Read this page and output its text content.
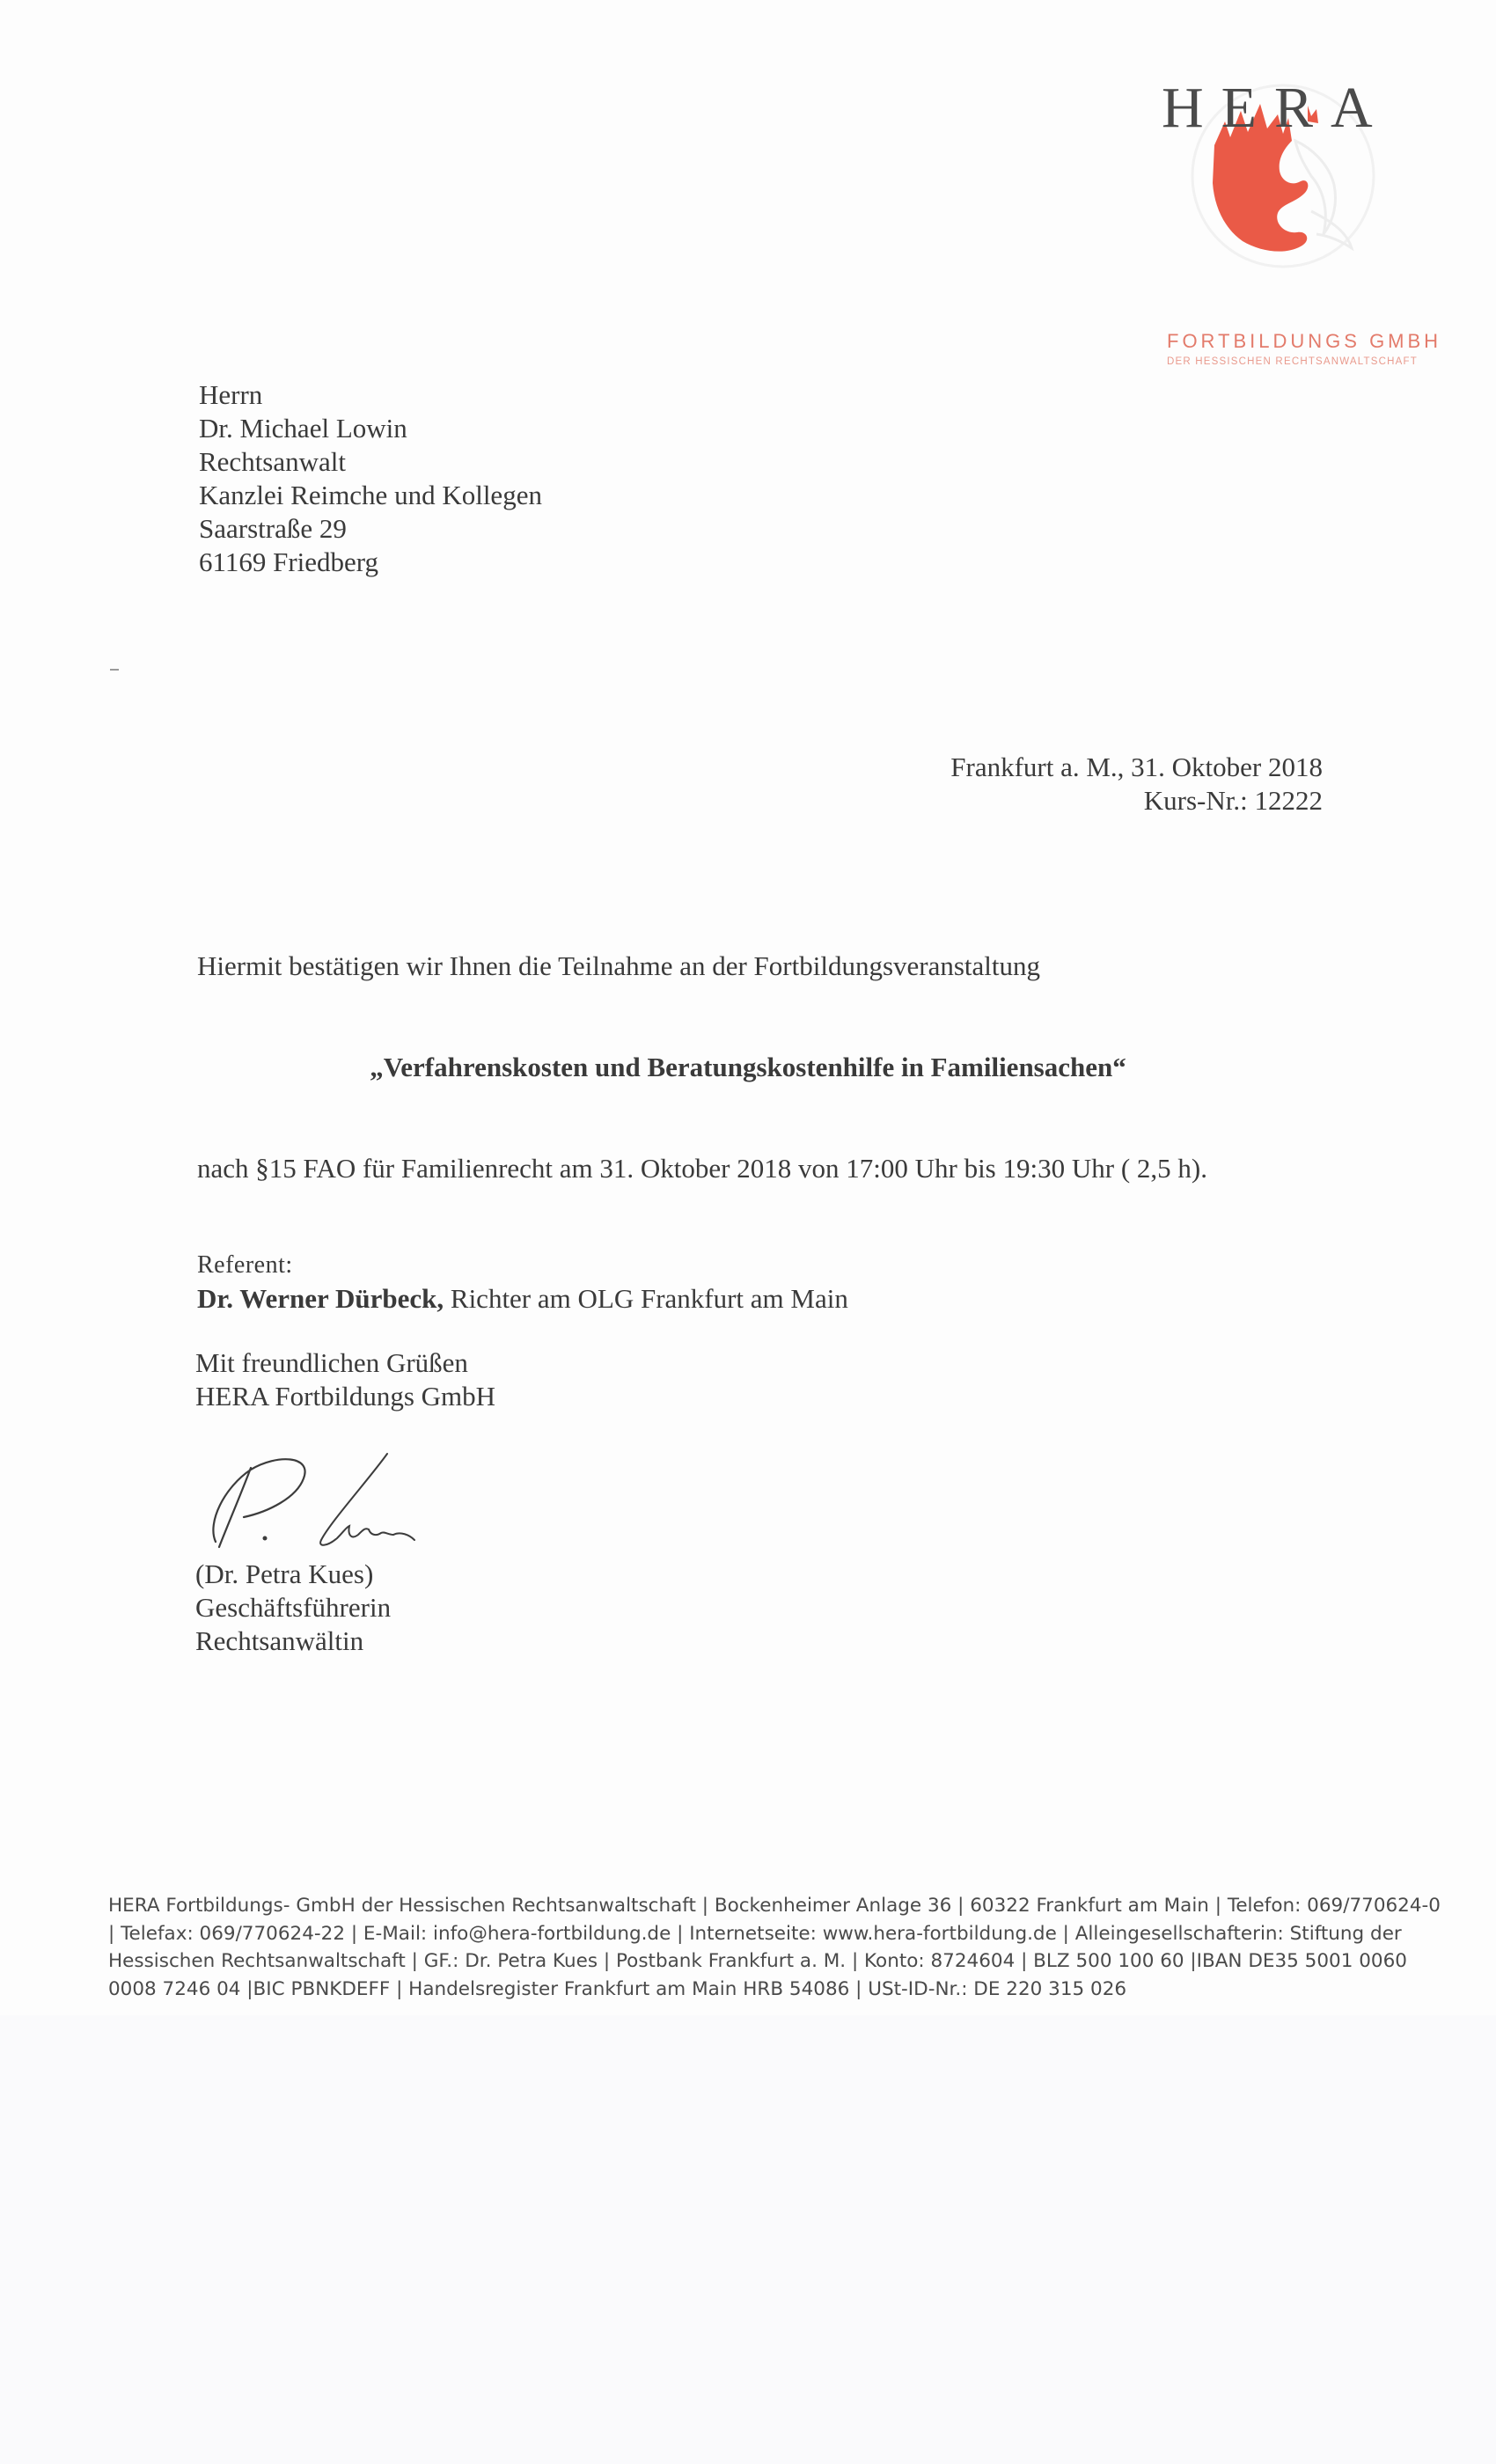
HERA
FORTBILDUNGS GMBH
DER HESSISCHEN RECHTSANWALTSCHAFT
Herrn
Dr. Michael Lowin
Rechtsanwalt
Kanzlei Reimche und Kollegen
Saarstraße 29
61169 Friedberg
Frankfurt a. M., 31. Oktober 2018
Kurs-Nr.: 12222
Hiermit bestätigen wir Ihnen die Teilnahme an der Fortbildungsveranstaltung
„Verfahrenskosten und Beratungskostenhilfe in Familiensachen“
nach §15 FAO für Familienrecht am 31. Oktober 2018 von 17:00 Uhr bis 19:30 Uhr ( 2,5 h).
Referent:
Dr. Werner Dürbeck, Richter am OLG Frankfurt am Main
Mit freundlichen Grüßen
HERA Fortbildungs GmbH
(Dr. Petra Kues)
Geschäftsführerin
Rechtsanwältin
HERA Fortbildungs- GmbH der Hessischen Rechtsanwaltschaft | Bockenheimer Anlage 36 | 60322 Frankfurt am Main | Telefon: 069/770624-0
| Telefax: 069/770624-22 | E-Mail: info@hera-fortbildung.de | Internetseite: www.hera-fortbildung.de | Alleingesellschafterin: Stiftung der
Hessischen Rechtsanwaltschaft | GF.: Dr. Petra Kues | Postbank Frankfurt a. M. | Konto: 8724604 | BLZ 500 100 60 |IBAN DE35 5001 0060
0008 7246 04 |BIC PBNKDEFF | Handelsregister Frankfurt am Main HRB 54086 | USt-ID-Nr.: DE 220 315 026
